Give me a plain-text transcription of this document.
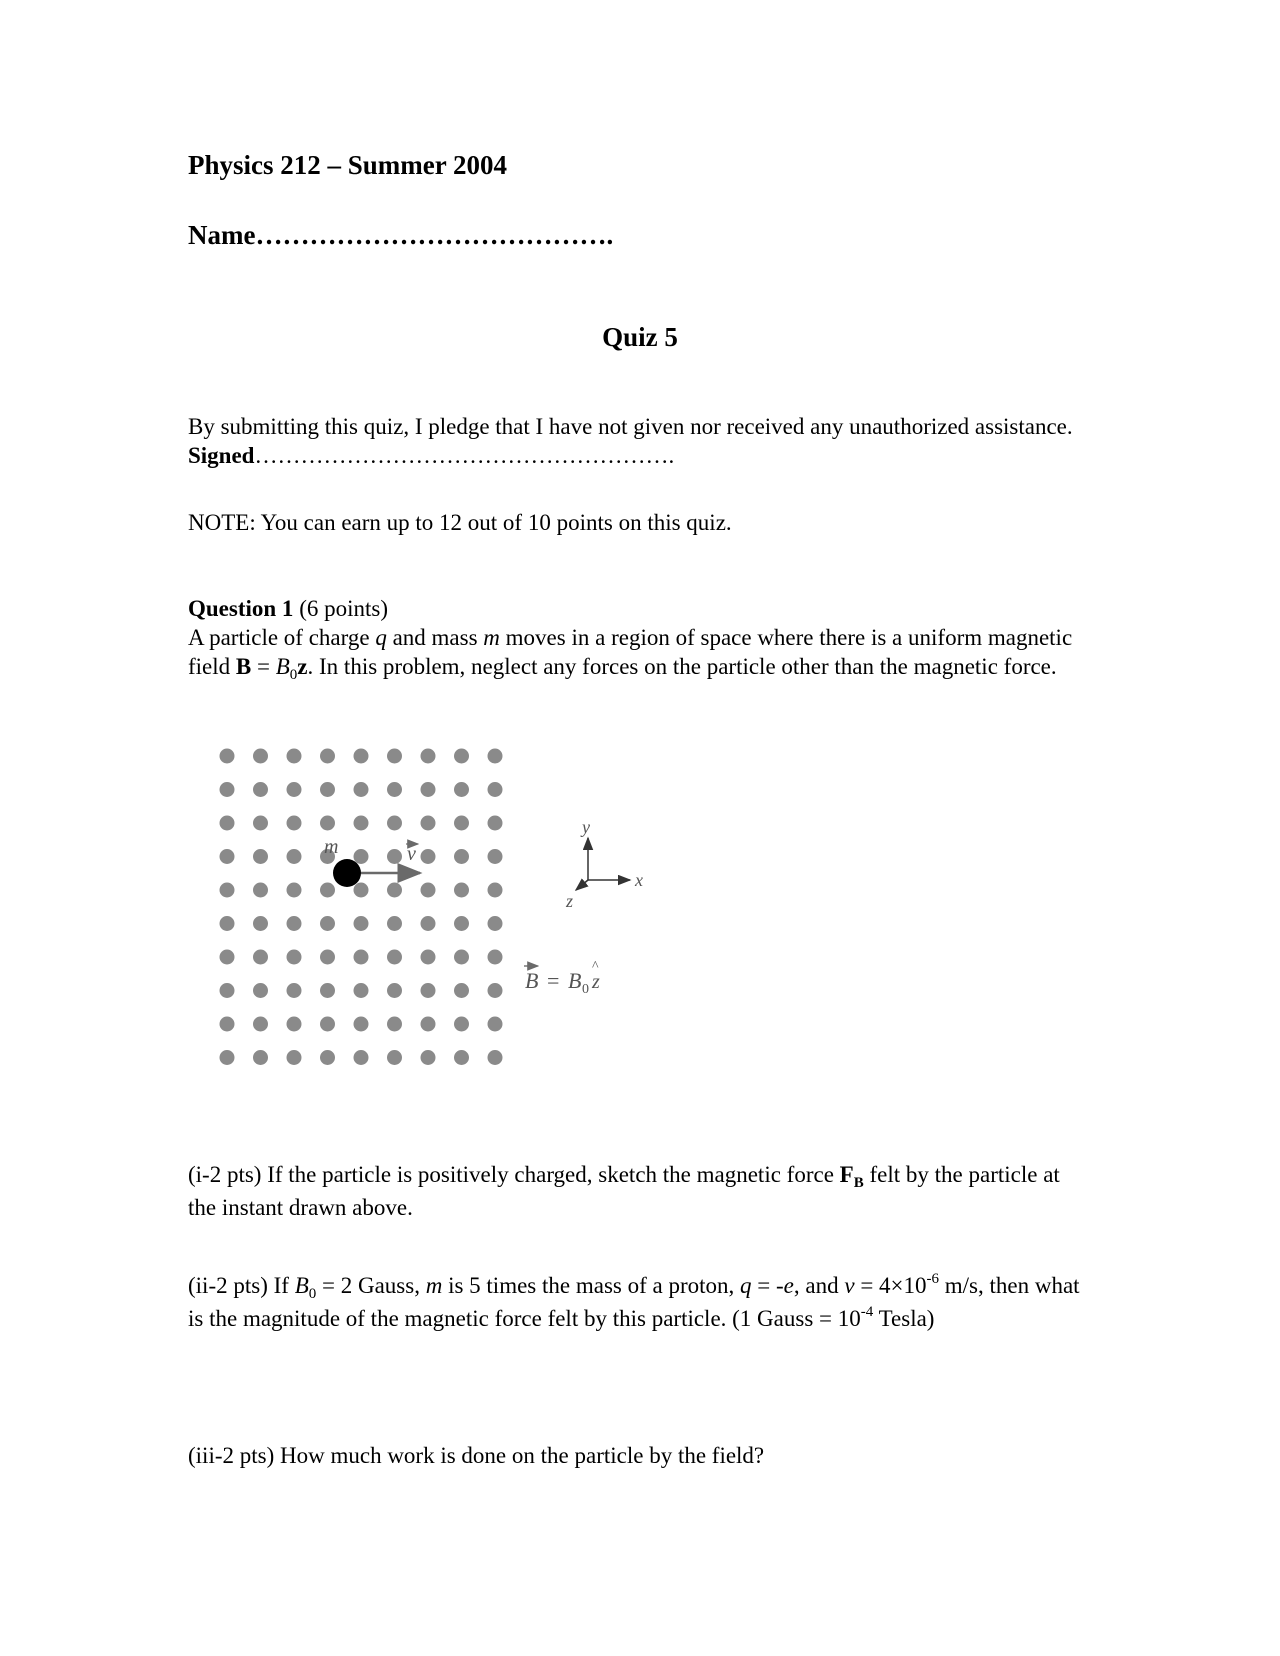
Physics 212 – Summer 2004
Name………………………………….
Quiz 5
By submitting this quiz, I pledge that I have not given nor received any unauthorized assistance. Signed……………………………………………….
NOTE: You can earn up to 12 out of 10 points on this quiz.
Question 1 (6 points)
A particle of charge q and mass m moves in a region of space where there is a uniform magnetic field $B = B_0z$. In this problem, neglect any forces on the particle other than the magnetic force.
m	v
y
x
z
B = B 0 z
^
(i-2 pts) If the particle is positively charged, sketch the magnetic force $F_B$ felt by the particle at the instant drawn above.
(ii-2 pts) If $B_0 = 2$ Gauss, m is 5 times the mass of a proton, q = -e, and $v = 4\times 10^{-6}$ m/s, then what is the magnitude of the magnetic force felt by this particle. (1 Gauss = $10^{-4}$ Tesla)
(iii-2 pts) How much work is done on the particle by the field?
